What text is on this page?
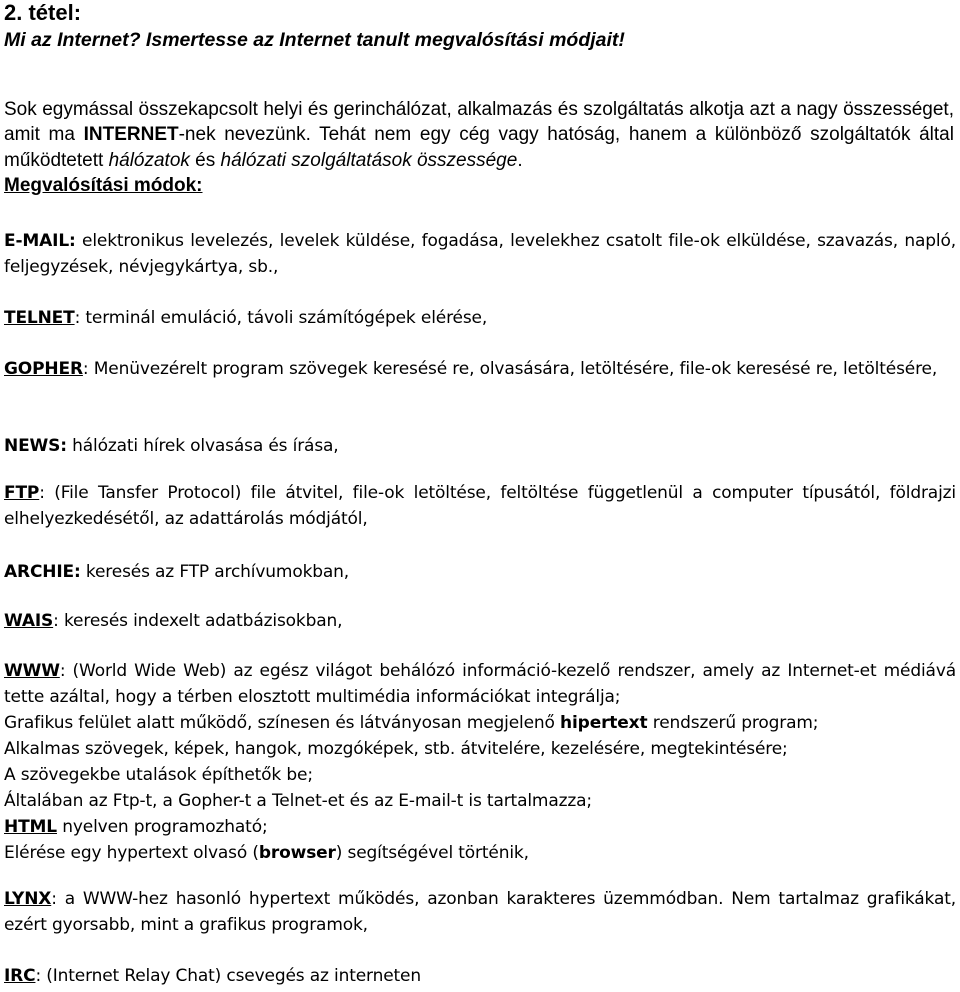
2. tétel:
Mi az Internet? Ismertesse az Internet tanult megvalósítási módjait!
Sok egymással összekapcsolt helyi és gerinchálózat, alkalmazás és szolgáltatás alkotja azt a nagy összességet, amit ma INTERNET-nek nevezünk. Tehát nem egy cég vagy hatóság, hanem a különböző szolgáltatók által működtetett hálózatok és hálózati szolgáltatások összessége.
Megvalósítási módok:
E-MAIL: elektronikus levelezés, levelek küldése, fogadása, levelekhez csatolt file-ok elküldése, szavazás, napló, feljegyzések, névjegykártya, sb.,
TELNET: terminál emuláció, távoli számítógépek elérése,
GOPHER: Menüvezérelt program szövegek keresésé re, olvasására, letöltésére, file-ok keresésé re, letöltésére,
NEWS: hálózati hírek olvasása és írása,
FTP: (File Tansfer Protocol) file átvitel, file-ok letöltése, feltöltése függetlenül a computer típusától, földrajzi elhelyezkedésétől, az adattárolás módjától,
ARCHIE: keresés az FTP archívumokban,
WAIS: keresés indexelt adatbázisokban,
WWW: (World Wide Web) az egész világot behálózó információ-kezelő rendszer, amely az Internet-et médiává tette azáltal, hogy a térben elosztott multimédia információkat integrálja;
Grafikus felület alatt működő, színesen és látványosan megjelenő hipertext rendszerű program;
Alkalmas szövegek, képek, hangok, mozgóképek, stb. átvitelére, kezelésére, megtekintésére;
A szövegekbe utalások építhetők be;
Általában az Ftp-t, a Gopher-t a Telnet-et és az E-mail-t is tartalmazza;
HTML nyelven programozható;
Elérése egy hypertext olvasó (browser) segítségével történik,
LYNX: a WWW-hez hasonló hypertext működés, azonban karakteres üzemmódban. Nem tartalmaz grafikákat, ezért gyorsabb, mint a grafikus programok,
IRC: (Internet Relay Chat) csevegés az interneten
